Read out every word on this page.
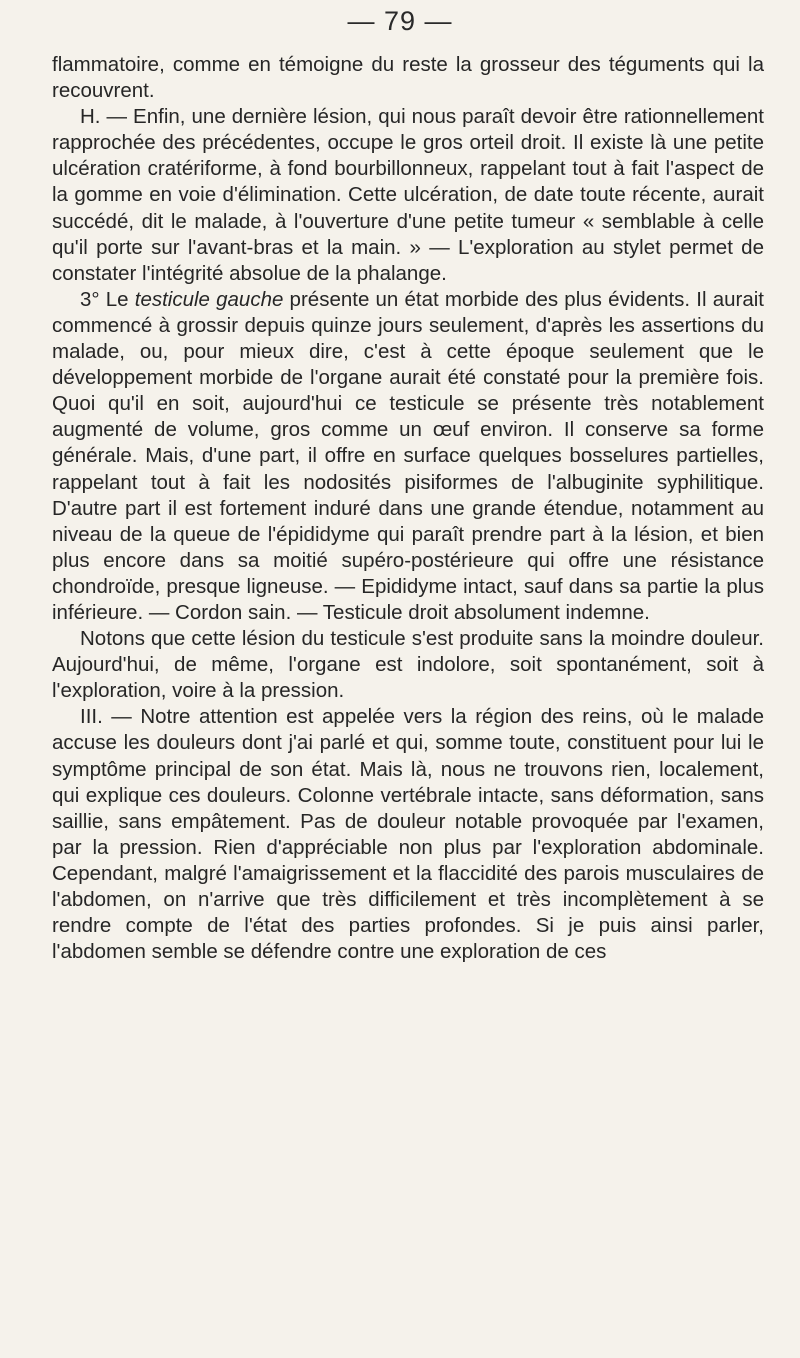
— 79 —

flammatoire, comme en témoigne du reste la grosseur des téguments qui la recouvrent.

H. — Enfin, une dernière lésion, qui nous paraît devoir être rationnellement rapprochée des précédentes, occupe le gros orteil droit. Il existe là une petite ulcération cratériforme, à fond bourbillonneux, rappelant tout à fait l'aspect de la gomme en voie d'élimination. Cette ulcération, de date toute récente, aurait succédé, dit le malade, à l'ouverture d'une petite tumeur « semblable à celle qu'il porte sur l'avant-bras et la main. » — L'exploration au stylet permet de constater l'intégrité absolue de la phalange.

3° Le testicule gauche présente un état morbide des plus évidents. Il aurait commencé à grossir depuis quinze jours seulement, d'après les assertions du malade, ou, pour mieux dire, c'est à cette époque seulement que le développement morbide de l'organe aurait été constaté pour la première fois. Quoi qu'il en soit, aujourd'hui ce testicule se présente très notablement augmenté de volume, gros comme un œuf environ. Il conserve sa forme générale. Mais, d'une part, il offre en surface quelques bosselures partielles, rappelant tout à fait les nodosités pisiformes de l'albuginite syphilitique. D'autre part il est fortement induré dans une grande étendue, notamment au niveau de la queue de l'épididyme qui paraît prendre part à la lésion, et bien plus encore dans sa moitié supéro-postérieure qui offre une résistance chondroïde, presque ligneuse. — Epididyme intact, sauf dans sa partie la plus inférieure. — Cordon sain. — Testicule droit absolument indemne.

Notons que cette lésion du testicule s'est produite sans la moindre douleur. Aujourd'hui, de même, l'organe est indolore, soit spontanément, soit à l'exploration, voire à la pression.

III. — Notre attention est appelée vers la région des reins, où le malade accuse les douleurs dont j'ai parlé et qui, somme toute, constituent pour lui le symptôme principal de son état. Mais là, nous ne trouvons rien, localement, qui explique ces douleurs. Colonne vertébrale intacte, sans déformation, sans saillie, sans empâtement. Pas de douleur notable provoquée par l'examen, par la pression. Rien d'appréciable non plus par l'exploration abdominale. Cependant, malgré l'amaigrissement et la flaccidité des parois musculaires de l'abdomen, on n'arrive que très difficilement et très incomplètement à se rendre compte de l'état des parties profondes. Si je puis ainsi parler, l'abdomen semble se défendre contre une exploration de ces
